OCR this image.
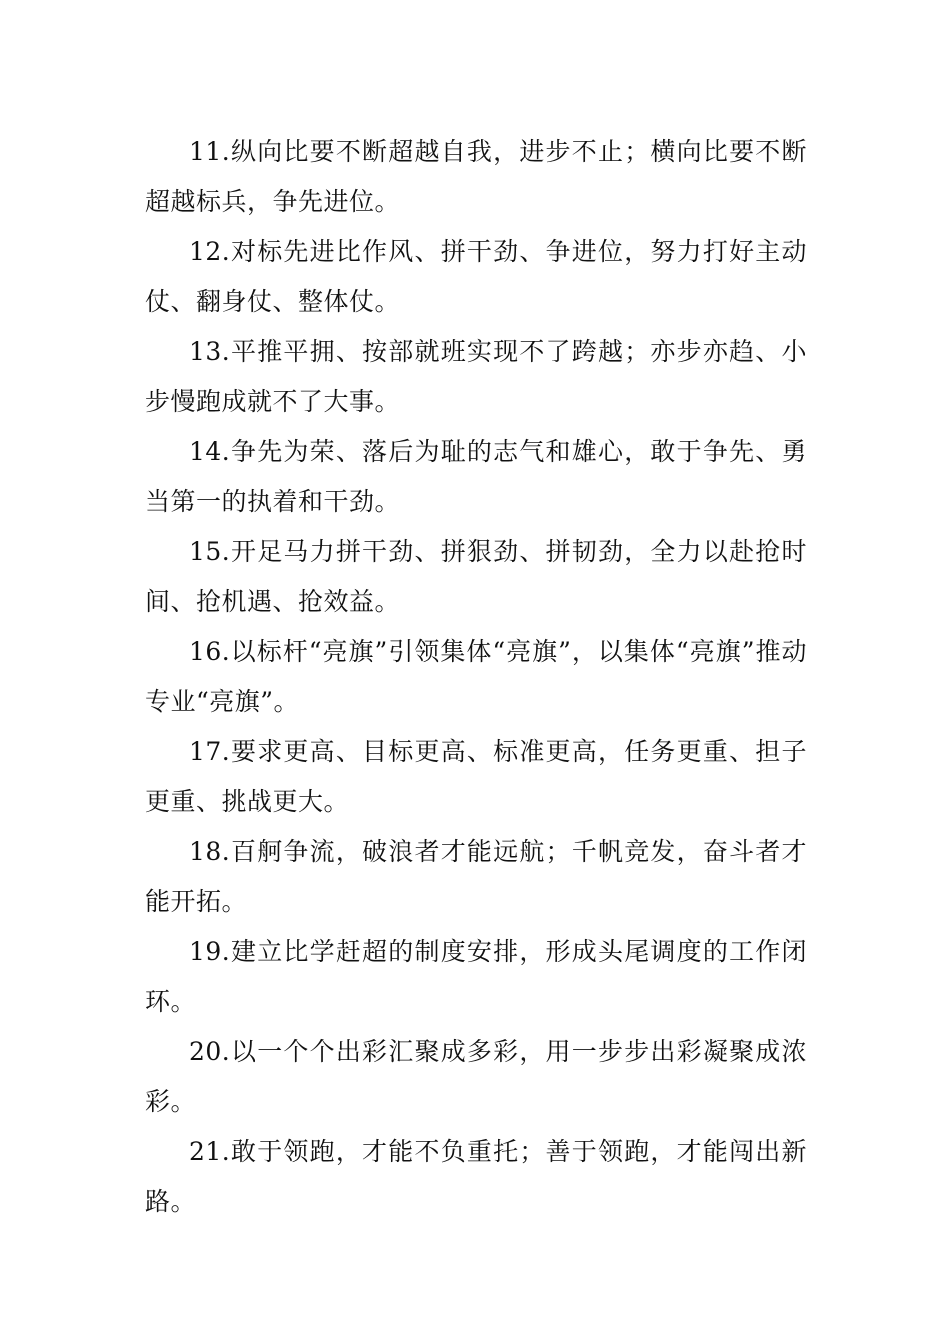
11.纵向比要不断超越自我，进步不止；横向比要不断超越标兵，争先进位。

12.对标先进比作风、拼干劲、争进位，努力打好主动仗、翻身仗、整体仗。

13.平推平拥、按部就班实现不了跨越；亦步亦趋、小步慢跑成就不了大事。

14.争先为荣、落后为耻的志气和雄心，敢于争先、勇当第一的执着和干劲。

15.开足马力拼干劲、拼狠劲、拼韧劲，全力以赴抢时间、抢机遇、抢效益。

16.以标杆“亮旗”引领集体“亮旗”，以集体“亮旗”推动专业“亮旗”。

17.要求更高、目标更高、标准更高，任务更重、担子更重、挑战更大。

18.百舸争流，破浪者才能远航；千帆竞发，奋斗者才能开拓。

19.建立比学赶超的制度安排，形成头尾调度的工作闭环。

20.以一个个出彩汇聚成多彩，用一步步出彩凝聚成浓彩。

21.敢于领跑，才能不负重托；善于领跑，才能闯出新路。
